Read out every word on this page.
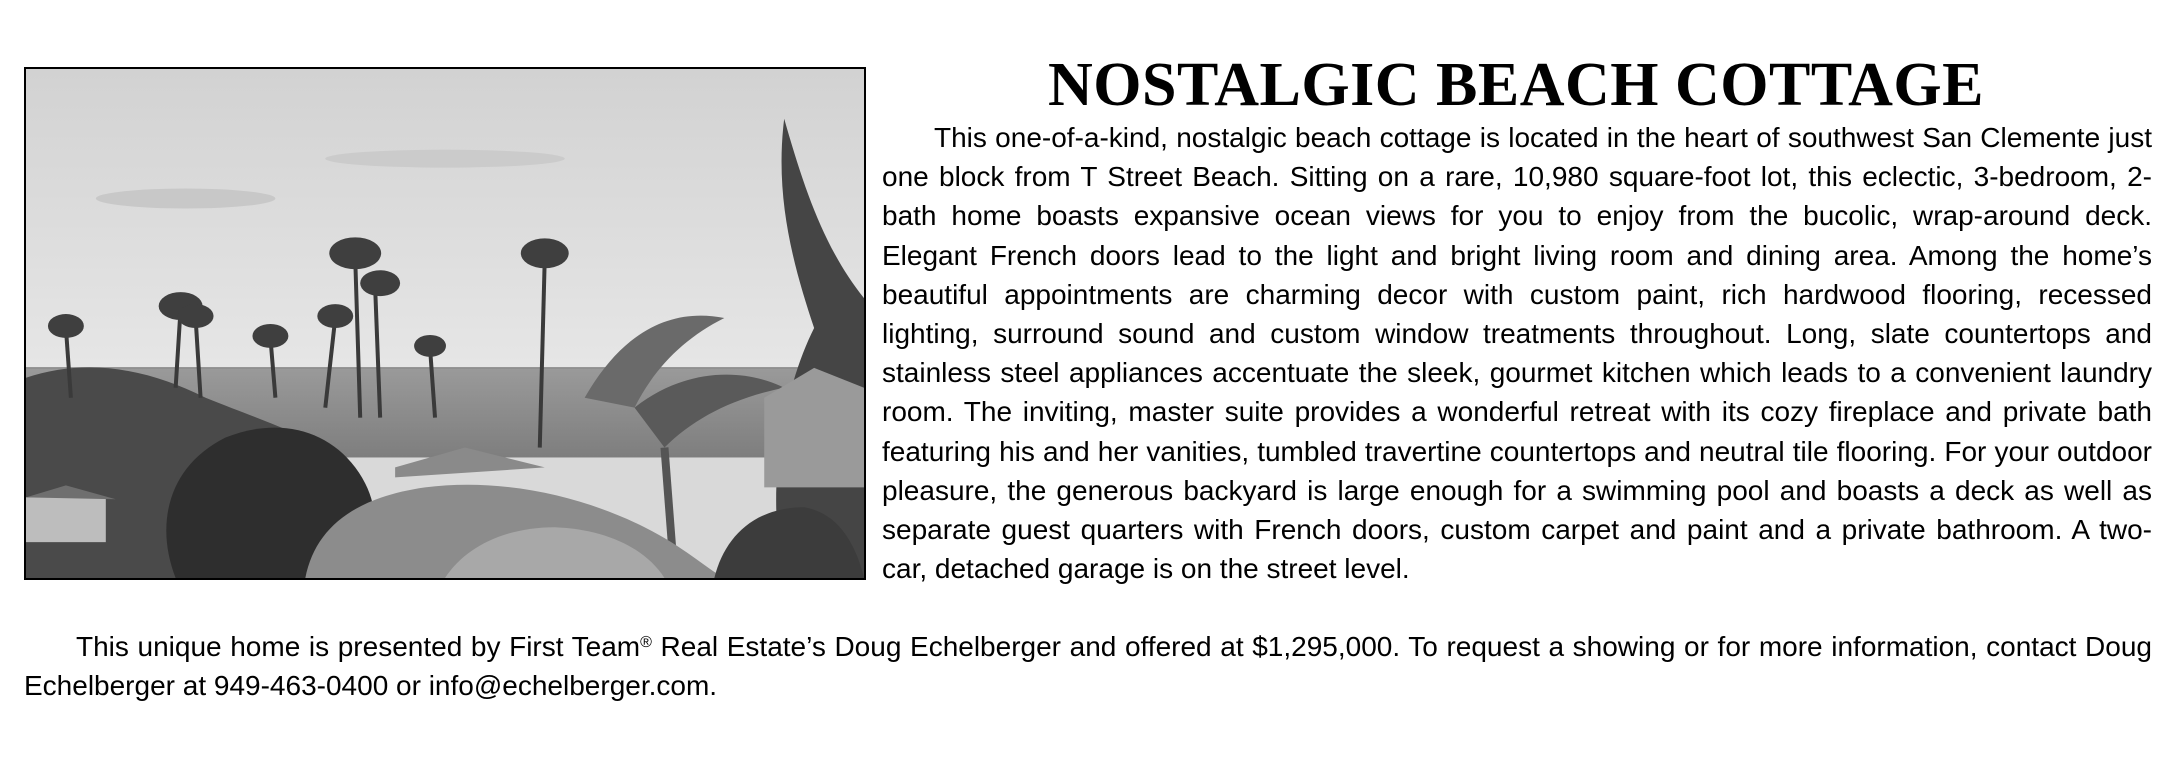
NOSTALGIC BEACH COTTAGE

This one-of-a-kind, nostalgic beach cottage is located in the heart of southwest San Clemente just one block from T Street Beach. Sitting on a rare, 10,980 square-foot lot, this eclectic, 3-bedroom, 2-bath home boasts expansive ocean views for you to enjoy from the bucolic, wrap-around deck. Elegant French doors lead to the light and bright living room and dining area. Among the home’s beautiful appointments are charming decor with custom paint, rich hardwood flooring, recessed lighting, surround sound and custom window treatments throughout. Long, slate countertops and stainless steel appliances accentuate the sleek, gourmet kitchen which leads to a convenient laundry room. The inviting, master suite provides a wonderful retreat with its cozy fireplace and private bath featuring his and her vanities, tumbled travertine countertops and neutral tile flooring. For your outdoor pleasure, the generous backyard is large enough for a swimming pool and boasts a deck as well as separate guest quarters with French doors, custom carpet and paint and a private bathroom. A two-car, detached garage is on the street level.

This unique home is presented by First Team® Real Estate’s Doug Echelberger and offered at $1,295,000. To request a showing or for more information, contact Doug Echelberger at 949-463-0400 or info@echelberger.com.
